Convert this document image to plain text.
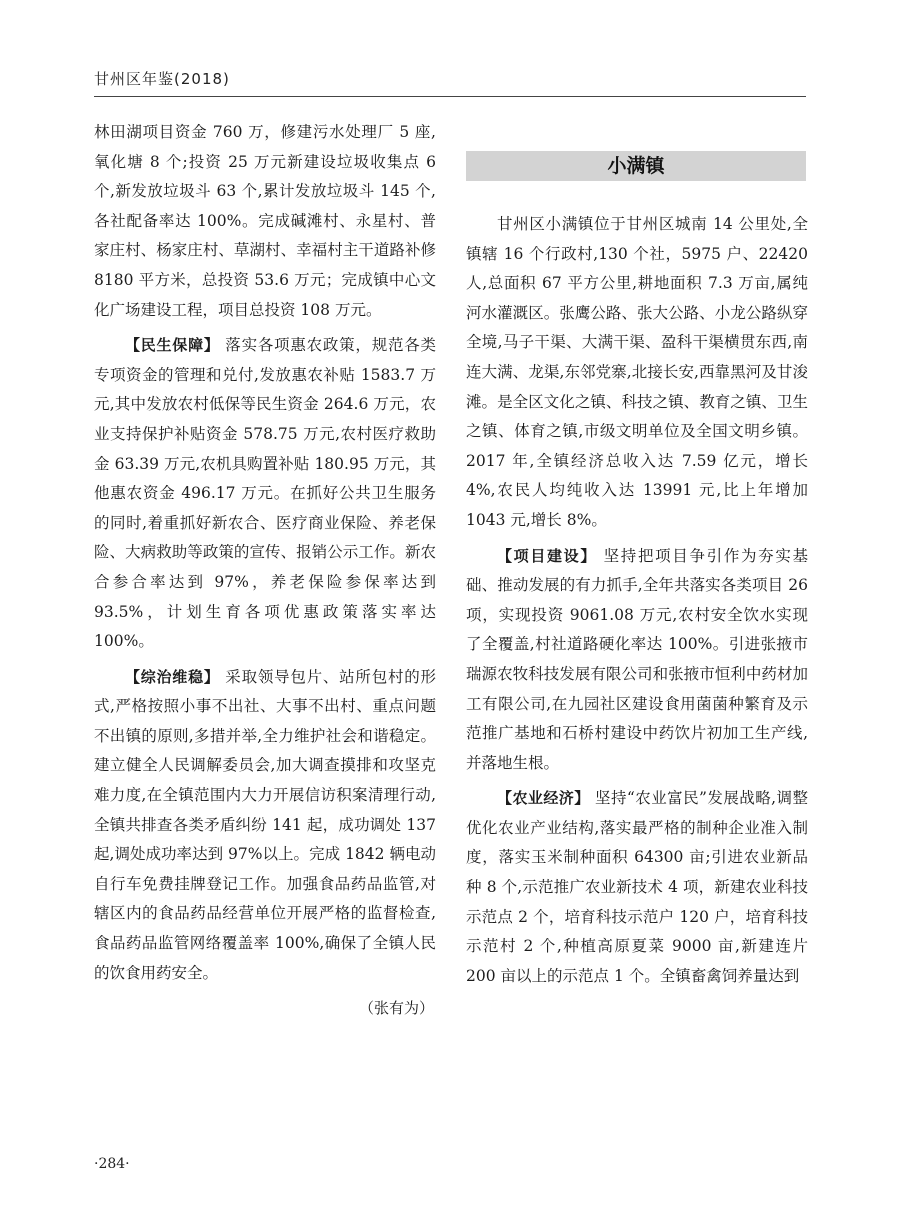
甘州区年鉴(2018)

林田湖项目资金 760 万，修建污水处理厂 5 座,氧化塘 8 个;投资 25 万元新建设垃圾收集点 6 个,新发放垃圾斗 63 个,累计发放垃圾斗 145 个,各社配备率达 100%。完成碱滩村、永星村、普家庄村、杨家庄村、草湖村、幸福村主干道路补修 8180 平方米，总投资 53.6 万元；完成镇中心文化广场建设工程，项目总投资 108 万元。

【民生保障】 落实各项惠农政策，规范各类专项资金的管理和兑付,发放惠农补贴 1583.7 万元,其中发放农村低保等民生资金 264.6 万元，农业支持保护补贴资金 578.75 万元,农村医疗救助金 63.39 万元,农机具购置补贴 180.95 万元，其他惠农资金 496.17 万元。在抓好公共卫生服务的同时,着重抓好新农合、医疗商业保险、养老保险、大病救助等政策的宣传、报销公示工作。新农合参合率达到 97%，养老保险参保率达到 93.5%，计划生育各项优惠政策落实率达 100%。

【综治维稳】 采取领导包片、站所包村的形式,严格按照小事不出社、大事不出村、重点问题不出镇的原则,多措并举,全力维护社会和谐稳定。建立健全人民调解委员会,加大调查摸排和攻坚克难力度,在全镇范围内大力开展信访积案清理行动,全镇共排查各类矛盾纠纷 141 起，成功调处 137 起,调处成功率达到 97%以上。完成 1842 辆电动自行车免费挂牌登记工作。加强食品药品监管,对辖区内的食品药品经营单位开展严格的监督检查,食品药品监管网络覆盖率 100%,确保了全镇人民的饮食用药安全。

（张有为）
小满镇

甘州区小满镇位于甘州区城南 14 公里处,全镇辖 16 个行政村,130 个社，5975 户、22420 人,总面积 67 平方公里,耕地面积 7.3 万亩,属纯河水灌溉区。张鹰公路、张大公路、小龙公路纵穿全境,马子干渠、大满干渠、盈科干渠横贯东西,南连大满、龙渠,东邻党寨,北接长安,西靠黑河及甘浚滩。是全区文化之镇、科技之镇、教育之镇、卫生之镇、体育之镇,市级文明单位及全国文明乡镇。2017 年,全镇经济总收入达 7.59 亿元，增长 4%,农民人均纯收入达 13991 元,比上年增加 1043 元,增长 8%。

【项目建设】 坚持把项目争引作为夯实基础、推动发展的有力抓手,全年共落实各类项目 26 项，实现投资 9061.08 万元,农村安全饮水实现了全覆盖,村社道路硬化率达 100%。引进张掖市瑞源农牧科技发展有限公司和张掖市恒利中药材加工有限公司,在九园社区建设食用菌菌种繁育及示范推广基地和石桥村建设中药饮片初加工生产线,并落地生根。

【农业经济】 坚持“农业富民”发展战略,调整优化农业产业结构,落实最严格的制种企业准入制度，落实玉米制种面积 64300 亩;引进农业新品种 8 个,示范推广农业新技术 4 项，新建农业科技示范点 2 个，培育科技示范户 120 户，培育科技示范村 2 个,种植高原夏菜 9000 亩,新建连片 200 亩以上的示范点 1 个。全镇畜禽饲养量达到

·284·
